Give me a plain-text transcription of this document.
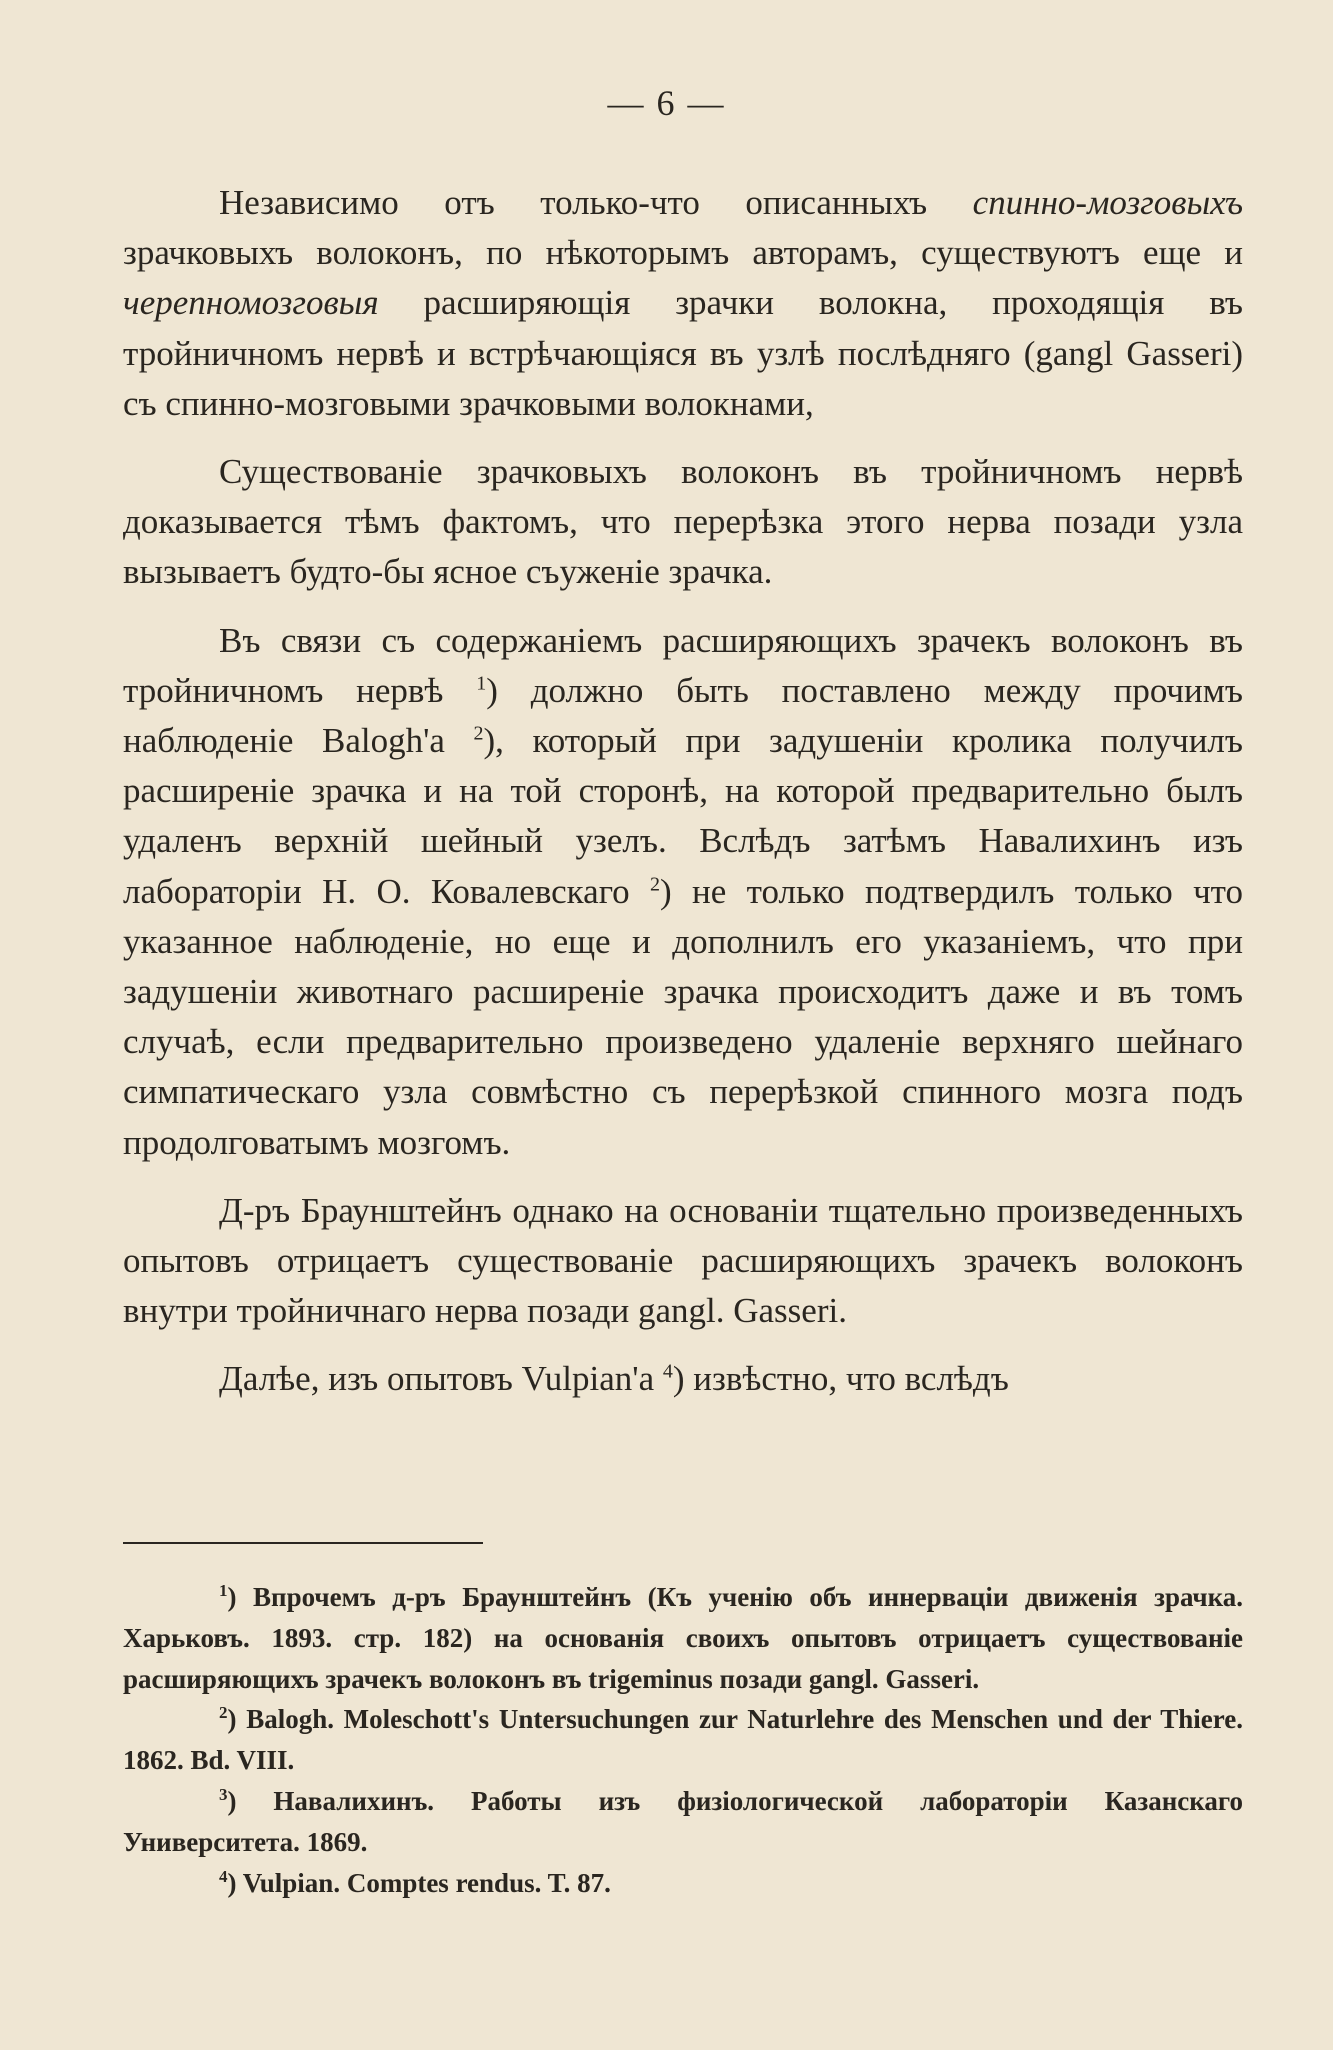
— 6 —

Независимо отъ только-что описанныхъ спинно-мозговыхъ зрачковыхъ волоконъ, по нѣкоторымъ авторамъ, существуютъ еще и черепномозговыя расширяющія зрачки волокна, проходящія въ тройничномъ нервѣ и встрѣчающіяся въ узлѣ послѣдняго (gangl Gasseri) съ спинно-мозговыми зрачковыми волокнами,

Существованіе зрачковыхъ волоконъ въ тройничномъ нервѣ доказывается тѣмъ фактомъ, что перерѣзка этого нерва позади узла вызываетъ будто-бы ясное съуженіе зрачка.

Въ связи съ содержаніемъ расширяющихъ зрачекъ волоконъ въ тройничномъ нервѣ $^1$) должно быть поставлено между прочимъ наблюденіе Balogh'а $^2$), который при задушеніи кролика получилъ расширеніе зрачка и на той сторонѣ, на которой предварительно былъ удаленъ верхній шейный узелъ. Вслѣдъ затѣмъ Навалихинъ изъ лабораторіи Н. О. Ковалевскаго $^2$) не только подтвердилъ только что указанное наблюденіе, но еще и дополнилъ его указаніемъ, что при задушеніи животнаго расширеніе зрачка происходитъ даже и въ томъ случаѣ, если предварительно произведено удаленіе верхняго шейнаго симпатическаго узла совмѣстно съ перерѣзкой спинного мозга подъ продолговатымъ мозгомъ.

Д-ръ Браунштейнъ однако на основаніи тщательно произведенныхъ опытовъ отрицаетъ существованіе расширяющихъ зрачекъ волоконъ внутри тройничнаго нерва позади gangl. Gasseri.

Далѣе, изъ опытовъ Vulpian'а $^4$) извѣстно, что вслѣдъ

$^1$) Впрочемъ д-ръ Браунштейнъ (Къ ученію объ иннерваціи движенія зрачка. Харьковъ. 1893. стр. 182) на основанія своихъ опытовъ отрицаетъ существованіе расширяющихъ зрачекъ волоконъ въ trigeminus позади gangl. Gasseri.

$^2$) Balogh. Moleschott's Untersuchungen zur Naturlehre des Menschen und der Thiere. 1862. Bd. VIII.

$^3$) Навалихинъ. Работы изъ физіологической лабораторіи Казанскаго Университета. 1869.

$^4$) Vulpian. Comptes rendus. T. 87.
